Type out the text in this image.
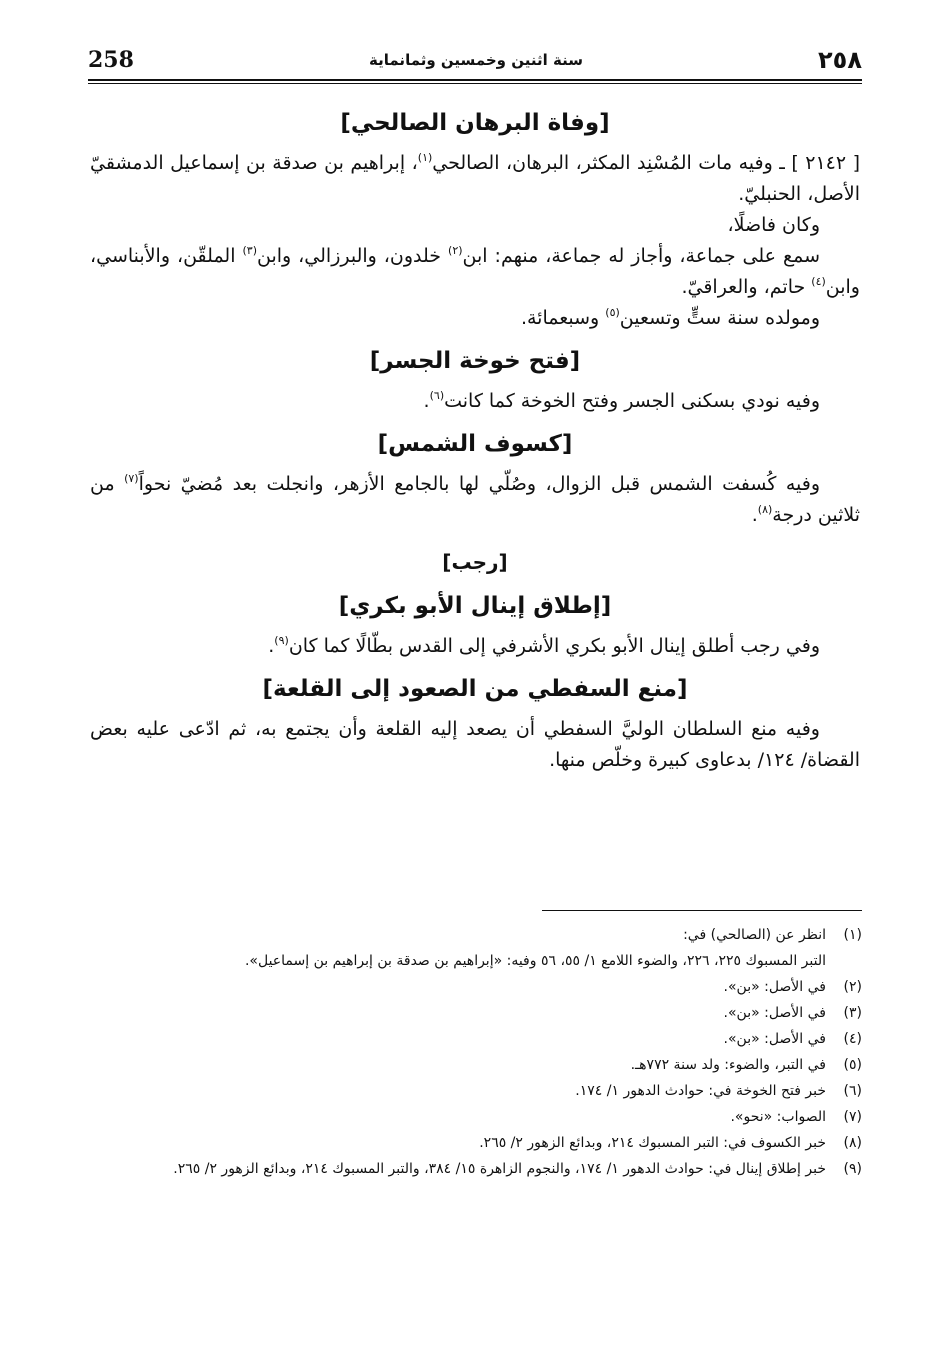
258	سنة اثنين وخمسين وثمانماية	٢٥٨
[وفاة البرهان الصالحي]

[ ٢١٤٢ ] ـ وفيه مات المُسْنِد المكثر، البرهان، الصالحي$^{(١)}$، إبراهيم بن صدقة بن إسماعيل الدمشقيّ الأصل، الحنبليّ.

وكان فاضلًا،

سمع على جماعة، وأجاز له جماعة، منهم: ابن$^{(٢)}$ خلدون، والبرزالي، وابن$^{(٣)}$ الملقّن، والأبناسي، وابن$^{(٤)}$ حاتم، والعراقيّ.

ومولده سنة ستٍّ وتسعين$^{(٥)}$ وسبعمائة.

[فتح خوخة الجسر]

وفيه نودي بسكنى الجسر وفتح الخوخة كما كانت$^{(٦)}$.

[كسوف الشمس]

وفيه كُسفت الشمس قبل الزوال، وصُلّي لها بالجامع الأزهر، وانجلت بعد مُضيّ نحواً$^{(٧)}$ من ثلاثين درجة$^{(٨)}$.

[رجب]
[إطلاق إينال الأبو بكري]

وفي رجب أطلق إينال الأبو بكري الأشرفي إلى القدس بطّالًا كما كان$^{(٩)}$.

[منع السفطي من الصعود إلى القلعة]

وفيه منع السلطان الوليَّ السفطي أن يصعد إليه القلعة وأن يجتمع به، ثم ادّعى عليه بعض القضاة/ ١٢٤/ بدعاوى كبيرة وخلّص منها.

(١)
انظر عن (الصالحي) في:
التبر المسبوك ٢٢٥، ٢٢٦، والضوء اللامع ١/ ٥٥، ٥٦ وفيه: «إبراهيم بن صدقة بن إبراهيم بن إسماعيل».
(٢)
في الأصل: «بن».
(٣)
في الأصل: «بن».
(٤)
في الأصل: «بن».
(٥)
في التبر، والضوء: ولد سنة ٧٧٢هـ.
(٦)
خبر فتح الخوخة في: حوادث الدهور ١/ ١٧٤.
(٧)
الصواب: «نحو».
(٨)
خبر الكسوف في: التبر المسبوك ٢١٤، وبدائع الزهور ٢/ ٢٦٥.
(٩)
خبر إطلاق إينال في: حوادث الدهور ١/ ١٧٤، والنجوم الزاهرة ١٥/ ٣٨٤، والتبر المسبوك ٢١٤، وبدائع الزهور ٢/ ٢٦٥.
